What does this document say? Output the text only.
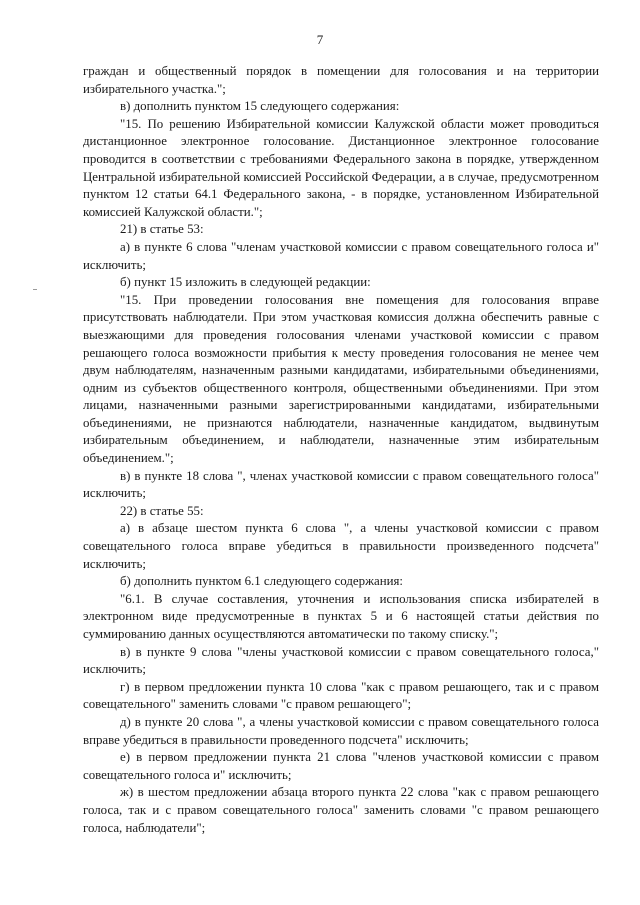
7

граждан и общественный порядок в помещении для голосования и на территории избирательного участка.";

в) дополнить пунктом 15 следующего содержания:

"15. По решению Избирательной комиссии Калужской области может проводиться дистанционное электронное голосование. Дистанционное электронное голосование проводится в соответствии с требованиями Федерального закона в порядке, утвержденном Центральной избирательной комиссией Российской Федерации, а в случае, предусмотренном пунктом 12 статьи 64.1 Федерального закона, - в порядке, установленном Избирательной комиссией Калужской области.";

21) в статье 53:

а) в пункте 6 слова "членам участковой комиссии с правом совещательного голоса и" исключить;

б) пункт 15 изложить в следующей редакции:

"15. При проведении голосования вне помещения для голосования вправе присутствовать наблюдатели. При этом участковая комиссия должна обеспечить равные с выезжающими для проведения голосования членами участковой комиссии с правом решающего голоса возможности прибытия к месту проведения голосования не менее чем двум наблюдателям, назначенным разными кандидатами, избирательными объединениями, одним из субъектов общественного контроля, общественными объединениями. При этом лицами, назначенными разными зарегистрированными кандидатами, избирательными объединениями, не признаются наблюдатели, назначенные кандидатом, выдвинутым избирательным объединением, и наблюдатели, назначенные этим избирательным объединением.";

в) в пункте 18 слова ", членах участковой комиссии с правом совещательного голоса" исключить;

22) в статье 55:

а) в абзаце шестом пункта 6 слова ", а члены участковой комиссии с правом совещательного голоса вправе убедиться в правильности произведенного подсчета" исключить;

б) дополнить пунктом 6.1 следующего содержания:

"6.1. В случае составления, уточнения и использования списка избирателей в электронном виде предусмотренные в пунктах 5 и 6 настоящей статьи действия по суммированию данных осуществляются автоматически по такому списку.";

в) в пункте 9 слова "члены участковой комиссии с правом совещательного голоса," исключить;

г) в первом предложении пункта 10 слова "как с правом решающего, так и с правом совещательного" заменить словами "с правом решающего";

д) в пункте 20 слова ", а члены участковой комиссии с правом совещательного голоса вправе убедиться в правильности проведенного подсчета" исключить;

е) в первом предложении пункта 21 слова "членов участковой комиссии с правом совещательного голоса и" исключить;

ж) в шестом предложении абзаца второго пункта 22 слова "как с правом решающего голоса, так и с правом совещательного голоса" заменить словами "с правом решающего голоса, наблюдатели";
